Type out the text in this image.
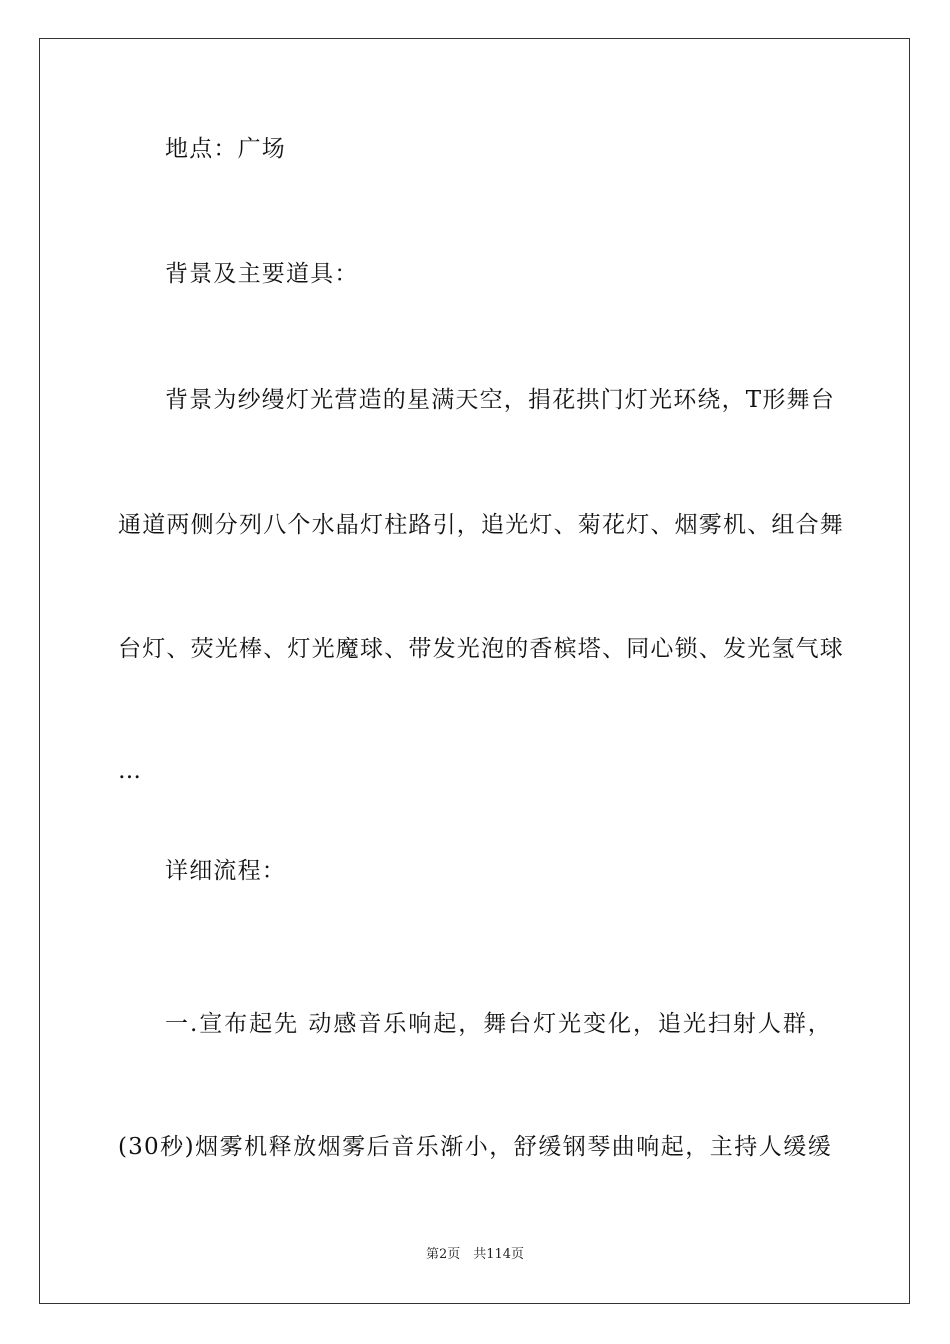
地点：广场
背景及主要道具：
背景为纱缦灯光营造的星满天空，捐花拱门灯光环绕，T形舞台
通道两侧分列八个水晶灯柱路引，追光灯、菊花灯、烟雾机、组合舞
台灯、荧光棒、灯光魔球、带发光泡的香槟塔、同心锁、发光氢气球
…
详细流程：
一.宣布起先 动感音乐响起，舞台灯光变化，追光扫射人群，
(30秒)烟雾机释放烟雾后音乐渐小，舒缓钢琴曲响起，主持人缓缓
第2页　共114页
